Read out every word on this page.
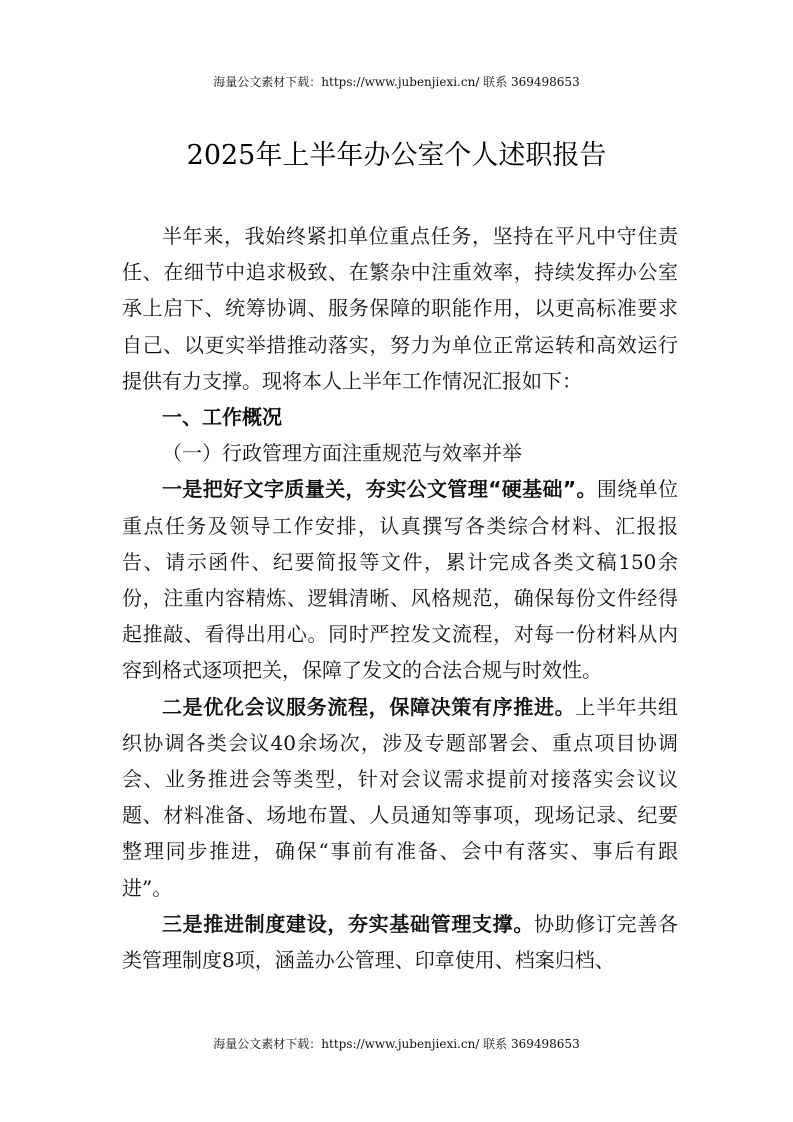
海量公文素材下载：https://www.jubenjiexi.cn/ 联系 369498653
2025年上半年办公室个人述职报告

半年来，我始终紧扣单位重点任务，坚持在平凡中守住责任、在细节中追求极致、在繁杂中注重效率，持续发挥办公室承上启下、统筹协调、服务保障的职能作用，以更高标准要求自己、以更实举措推动落实，努力为单位正常运转和高效运行提供有力支撑。现将本人上半年工作情况汇报如下：

一、工作概况

（一）行政管理方面注重规范与效率并举

一是把好文字质量关，夯实公文管理“硬基础”。围绕单位重点任务及领导工作安排，认真撰写各类综合材料、汇报报告、请示函件、纪要简报等文件，累计完成各类文稿150余份，注重内容精炼、逻辑清晰、风格规范，确保每份文件经得起推敲、看得出用心。同时严控发文流程，对每一份材料从内容到格式逐项把关，保障了发文的合法合规与时效性。

二是优化会议服务流程，保障决策有序推进。上半年共组织协调各类会议40余场次，涉及专题部署会、重点项目协调会、业务推进会等类型，针对会议需求提前对接落实会议议题、材料准备、场地布置、人员通知等事项，现场记录、纪要整理同步推进，确保“事前有准备、会中有落实、事后有跟进”。

三是推进制度建设，夯实基础管理支撑。协助修订完善各类管理制度8项，涵盖办公管理、印章使用、档案归档、

海量公文素材下载：https://www.jubenjiexi.cn/ 联系 369498653
